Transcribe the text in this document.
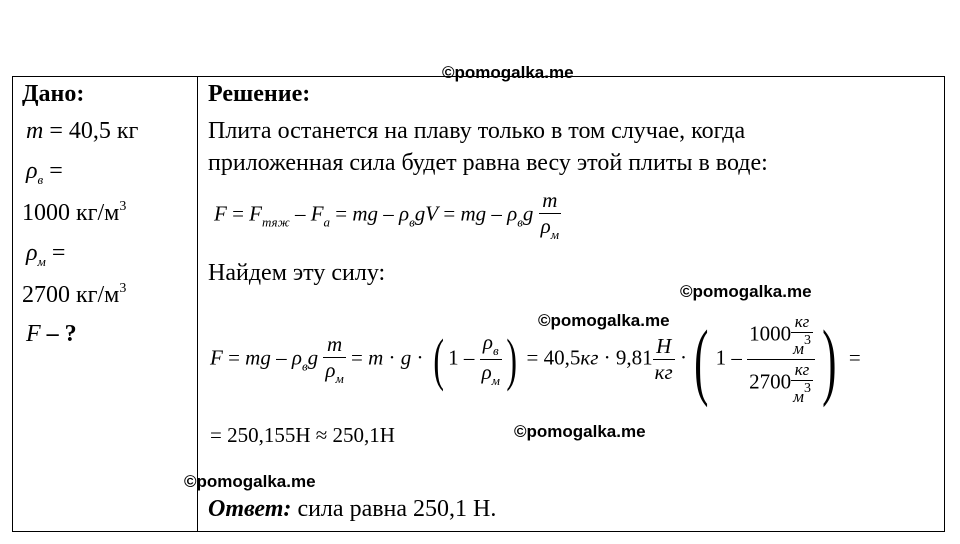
©pomogalka.me
©pomogalka.me
©pomogalka.me
©pomogalka.me
©pomogalka.me
Дано:
m = 40,5 кг
$\rho_в$ =
1000 $кг/м^3$
$\rho_м$ =
2700 $кг/м^3$
F – ?
Решение:
Плита останется на плаву только в том случае, когда
приложенная сила будет равна весу этой плиты в воде:
$F = F_{тяж} - F_а$ = mg – $\rho_вgV$ = mg – $\rho_вg \frac{m}{\rho_м}$
Найдем эту силу:
F = mg – $\rho_вg \frac{m}{\rho_м} = m \cdot g$ · ( $1 - \frac{\rho_в}{\rho_м}$ ) = $40,5кг \cdot 9,81 \frac{H}{кг}$ ·( $1 - \frac{1000 \frac{кг}{м^3}}{2700 \frac{кг}{м^3}}$ ) =
= 250,155H ≈ 250,1H
Ответ: сила равна 250,1 Н.
